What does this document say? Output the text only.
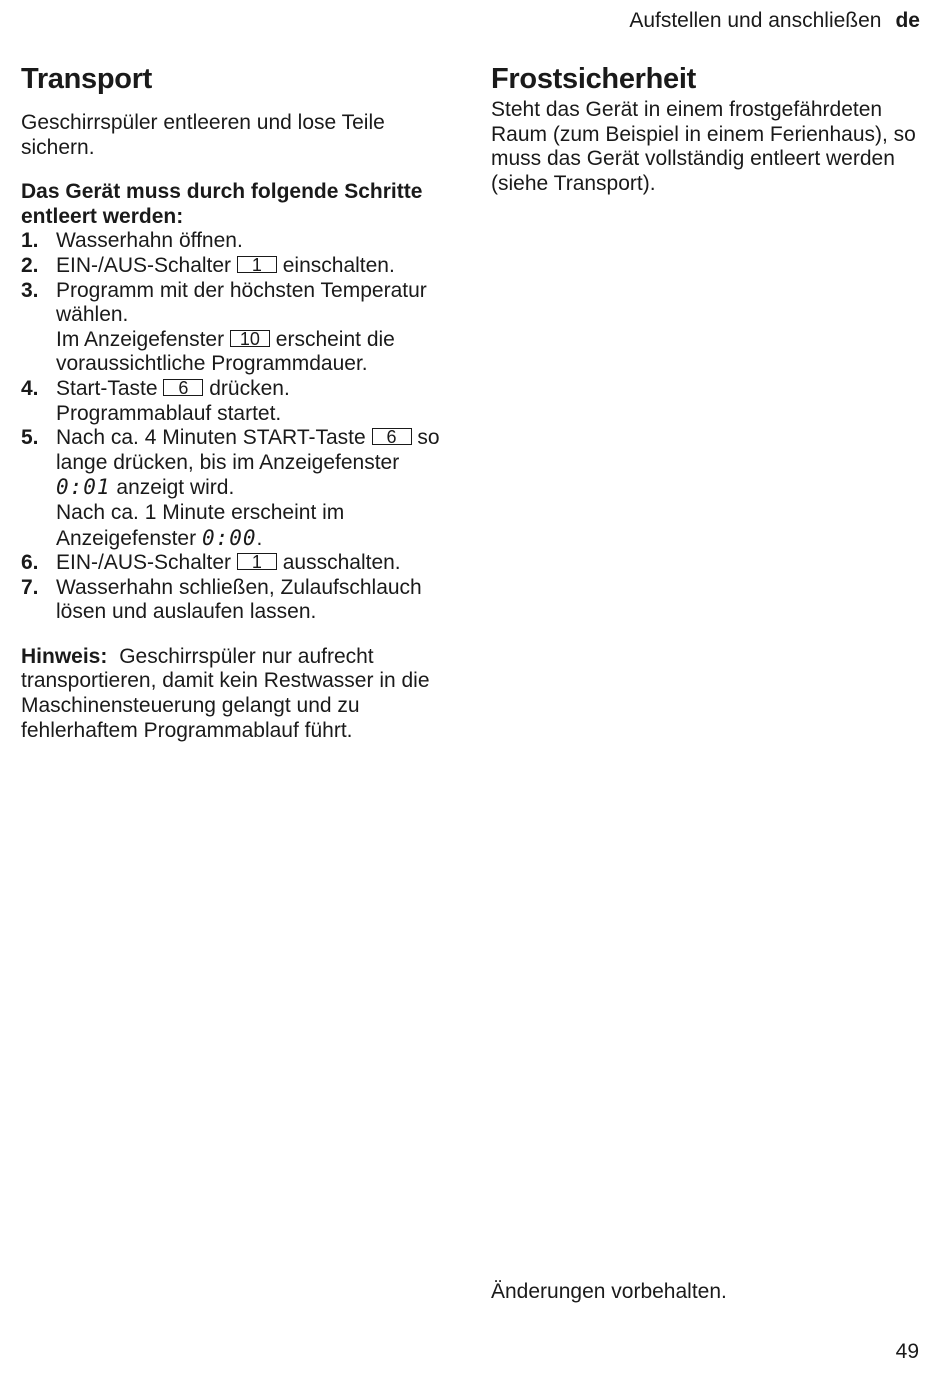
Aufstellen und anschließen de
Transport

Geschirrspüler entleeren und lose Teile sichern.

Das Gerät muss durch folgende Schritte entleert werden:

1. Wasserhahn öffnen.
2. EIN-/AUS-Schalter 1 einschalten.
3. Programm mit der höchsten Temperatur wählen.
Im Anzeigefenster 10 erscheint die voraussichtliche Programmdauer.
4. Start-Taste 6 drücken.
Programmablauf startet.
5. Nach ca. 4 Minuten START-Taste 6 so lange drücken, bis im Anzeigefenster 0:01 anzeigt wird.
Nach ca. 1 Minute erscheint im Anzeigefenster 0:00.
6. EIN-/AUS-Schalter 1 ausschalten.
7. Wasserhahn schließen, Zulaufschlauch lösen und auslaufen lassen.

Hinweis: Geschirrspüler nur aufrecht transportieren, damit kein Restwasser in die Maschinensteuerung gelangt und zu fehlerhaftem Programmablauf führt.

Frostsicherheit

Steht das Gerät in einem frostgefährdeten Raum (zum Beispiel in einem Ferienhaus), so muss das Gerät vollständig entleert werden (siehe Transport).

Änderungen vorbehalten.
49
